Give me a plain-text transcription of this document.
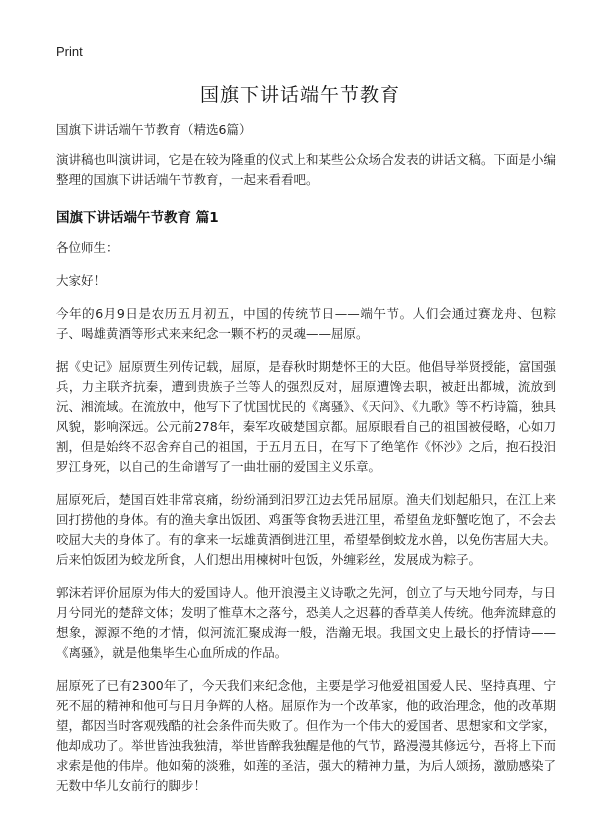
Print
国旗下讲话端午节教育

国旗下讲话端午节教育（精选6篇）

演讲稿也叫演讲词，它是在较为隆重的仪式上和某些公众场合发表的讲话文稿。下面是小编整理的国旗下讲话端午节教育，一起来看看吧。

国旗下讲话端午节教育 篇1

各位师生：

大家好！

今年的6月9日是农历五月初五，中国的传统节日——端午节。人们会通过赛龙舟、包粽子、喝雄黄酒等形式来来纪念一颗不朽的灵魂——屈原。

据《史记》屈原贾生列传记载，屈原，是春秋时期楚怀王的大臣。他倡导举贤授能，富国强兵，力主联齐抗秦，遭到贵族子兰等人的强烈反对，屈原遭馋去职，被赶出都城，流放到沅、湘流域。在流放中，他写下了忧国忧民的《离骚》、《天问》、《九歌》等不朽诗篇，独具风貌，影响深远。公元前278年，秦军攻破楚国京都。屈原眼看自己的祖国被侵略，心如刀割，但是始终不忍舍弃自己的祖国，于五月五日，在写下了绝笔作《怀沙》之后，抱石投汨罗江身死，以自己的生命谱写了一曲壮丽的爱国主义乐章。

屈原死后，楚国百姓非常哀痛，纷纷涌到汨罗江边去凭吊屈原。渔夫们划起船只，在江上来回打捞他的身体。有的渔夫拿出饭团、鸡蛋等食物丢进江里，希望鱼龙虾蟹吃饱了，不会去咬屈大夫的身体了。有的拿来一坛雄黄酒倒进江里，希望晕倒蛟龙水兽，以免伤害屈大夫。后来怕饭团为蛟龙所食，人们想出用楝树叶包饭，外缠彩丝，发展成为粽子。

郭沫若评价屈原为伟大的爱国诗人。他开浪漫主义诗歌之先河，创立了与天地兮同寿，与日月兮同光的楚辞文体；发明了惟草木之落兮，恐美人之迟暮的香草美人传统。他奔流肆意的想象，源源不绝的才情，似河流汇聚成海一般，浩瀚无垠。我国文史上最长的抒情诗——《离骚》，就是他集毕生心血所成的作品。

屈原死了已有2300年了，今天我们来纪念他，主要是学习他爱祖国爱人民、坚持真理、宁死不屈的精神和他可与日月争辉的人格。屈原作为一个改革家，他的政治理念，他的改革期望，都因当时客观残酷的社会条件而失败了。但作为一个伟大的爱国者、思想家和文学家，他却成功了。举世皆浊我独清，举世皆醉我独醒是他的气节，路漫漫其修远兮，吾将上下而求索是他的伟岸。他如菊的淡雅，如莲的圣洁，强大的精神力量，为后人颂扬，激励感染了无数中华儿女前行的脚步！
